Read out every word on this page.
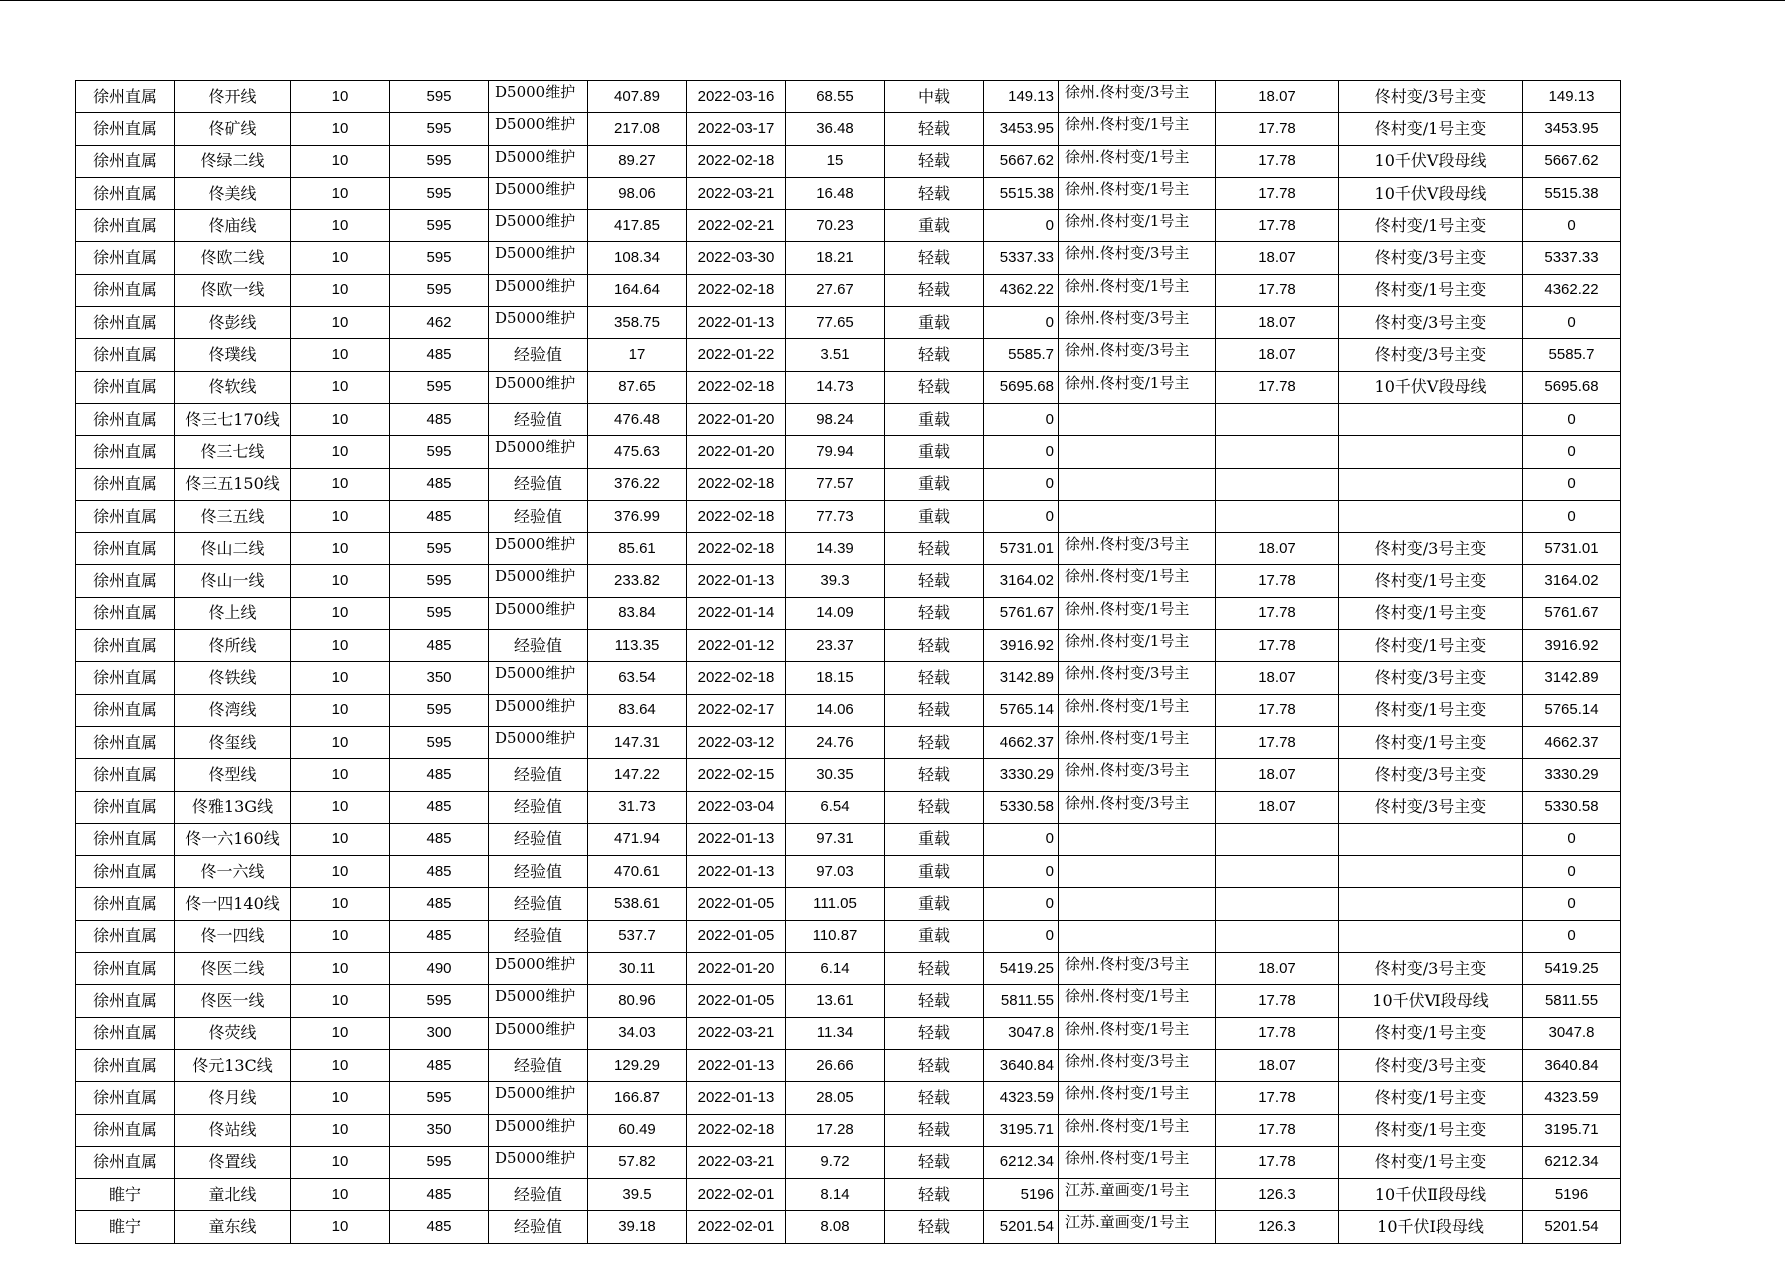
徐州直属	佟开线	10	595	D5000维护	407.89	2022-03-16	68.55	中载	149.13	徐州.佟村变/3号主	18.07	佟村变/3号主变	149.13
徐州直属	佟矿线	10	595	D5000维护	217.08	2022-03-17	36.48	轻载	3453.95	徐州.佟村变/1号主	17.78	佟村变/1号主变	3453.95
徐州直属	佟绿二线	10	595	D5000维护	89.27	2022-02-18	15	轻载	5667.62	徐州.佟村变/1号主	17.78	10千伏Ⅴ段母线	5667.62
徐州直属	佟美线	10	595	D5000维护	98.06	2022-03-21	16.48	轻载	5515.38	徐州.佟村变/1号主	17.78	10千伏Ⅴ段母线	5515.38
徐州直属	佟庙线	10	595	D5000维护	417.85	2022-02-21	70.23	重载	0	徐州.佟村变/1号主	17.78	佟村变/1号主变	0
徐州直属	佟欧二线	10	595	D5000维护	108.34	2022-03-30	18.21	轻载	5337.33	徐州.佟村变/3号主	18.07	佟村变/3号主变	5337.33
徐州直属	佟欧一线	10	595	D5000维护	164.64	2022-02-18	27.67	轻载	4362.22	徐州.佟村变/1号主	17.78	佟村变/1号主变	4362.22
徐州直属	佟彭线	10	462	D5000维护	358.75	2022-01-13	77.65	重载	0	徐州.佟村变/3号主	18.07	佟村变/3号主变	0
徐州直属	佟璞线	10	485	经验值	17	2022-01-22	3.51	轻载	5585.7	徐州.佟村变/3号主	18.07	佟村变/3号主变	5585.7
徐州直属	佟软线	10	595	D5000维护	87.65	2022-02-18	14.73	轻载	5695.68	徐州.佟村变/1号主	17.78	10千伏Ⅴ段母线	5695.68
徐州直属	佟三七170线	10	485	经验值	476.48	2022-01-20	98.24	重载	0				0
徐州直属	佟三七线	10	595	D5000维护	475.63	2022-01-20	79.94	重载	0				0
徐州直属	佟三五150线	10	485	经验值	376.22	2022-02-18	77.57	重载	0				0
徐州直属	佟三五线	10	485	经验值	376.99	2022-02-18	77.73	重载	0				0
徐州直属	佟山二线	10	595	D5000维护	85.61	2022-02-18	14.39	轻载	5731.01	徐州.佟村变/3号主	18.07	佟村变/3号主变	5731.01
徐州直属	佟山一线	10	595	D5000维护	233.82	2022-01-13	39.3	轻载	3164.02	徐州.佟村变/1号主	17.78	佟村变/1号主变	3164.02
徐州直属	佟上线	10	595	D5000维护	83.84	2022-01-14	14.09	轻载	5761.67	徐州.佟村变/1号主	17.78	佟村变/1号主变	5761.67
徐州直属	佟所线	10	485	经验值	113.35	2022-01-12	23.37	轻载	3916.92	徐州.佟村变/1号主	17.78	佟村变/1号主变	3916.92
徐州直属	佟铁线	10	350	D5000维护	63.54	2022-02-18	18.15	轻载	3142.89	徐州.佟村变/3号主	18.07	佟村变/3号主变	3142.89
徐州直属	佟湾线	10	595	D5000维护	83.64	2022-02-17	14.06	轻载	5765.14	徐州.佟村变/1号主	17.78	佟村变/1号主变	5765.14
徐州直属	佟玺线	10	595	D5000维护	147.31	2022-03-12	24.76	轻载	4662.37	徐州.佟村变/1号主	17.78	佟村变/1号主变	4662.37
徐州直属	佟型线	10	485	经验值	147.22	2022-02-15	30.35	轻载	3330.29	徐州.佟村变/3号主	18.07	佟村变/3号主变	3330.29
徐州直属	佟雅13G线	10	485	经验值	31.73	2022-03-04	6.54	轻载	5330.58	徐州.佟村变/3号主	18.07	佟村变/3号主变	5330.58
徐州直属	佟一六160线	10	485	经验值	471.94	2022-01-13	97.31	重载	0				0
徐州直属	佟一六线	10	485	经验值	470.61	2022-01-13	97.03	重载	0				0
徐州直属	佟一四140线	10	485	经验值	538.61	2022-01-05	111.05	重载	0				0
徐州直属	佟一四线	10	485	经验值	537.7	2022-01-05	110.87	重载	0				0
徐州直属	佟医二线	10	490	D5000维护	30.11	2022-01-20	6.14	轻载	5419.25	徐州.佟村变/3号主	18.07	佟村变/3号主变	5419.25
徐州直属	佟医一线	10	595	D5000维护	80.96	2022-01-05	13.61	轻载	5811.55	徐州.佟村变/1号主	17.78	10千伏Ⅵ段母线	5811.55
徐州直属	佟荧线	10	300	D5000维护	34.03	2022-03-21	11.34	轻载	3047.8	徐州.佟村变/1号主	17.78	佟村变/1号主变	3047.8
徐州直属	佟元13C线	10	485	经验值	129.29	2022-01-13	26.66	轻载	3640.84	徐州.佟村变/3号主	18.07	佟村变/3号主变	3640.84
徐州直属	佟月线	10	595	D5000维护	166.87	2022-01-13	28.05	轻载	4323.59	徐州.佟村变/1号主	17.78	佟村变/1号主变	4323.59
徐州直属	佟站线	10	350	D5000维护	60.49	2022-02-18	17.28	轻载	3195.71	徐州.佟村变/1号主	17.78	佟村变/1号主变	3195.71
徐州直属	佟置线	10	595	D5000维护	57.82	2022-03-21	9.72	轻载	6212.34	徐州.佟村变/1号主	17.78	佟村变/1号主变	6212.34
睢宁	童北线	10	485	经验值	39.5	2022-02-01	8.14	轻载	5196	江苏.童画变/1号主	126.3	10千伏Ⅱ段母线	5196
睢宁	童东线	10	485	经验值	39.18	2022-02-01	8.08	轻载	5201.54	江苏.童画变/1号主	126.3	10千伏Ⅰ段母线	5201.54
